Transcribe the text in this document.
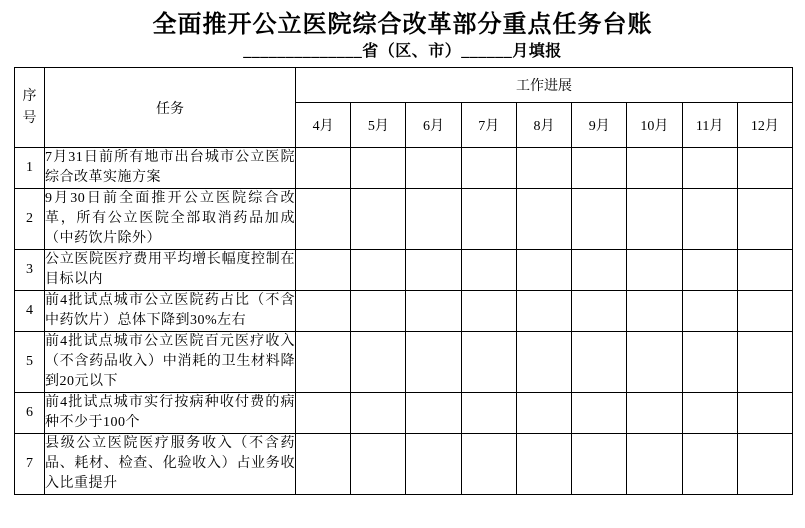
全面推开公立医院综合改革部分重点任务台账
______________省（区、市）______月填报
序号	任务	工作进展								
		4月	5月	6月	7月	8月	9月	10月	11月	12月
1	7月31日前所有地市出台城市公立医院综合改革实施方案									
2	9月30日前全面推开公立医院综合改革，所有公立医院全部取消药品加成（中药饮片除外）									
3	公立医院医疗费用平均增长幅度控制在目标以内									
4	前4批试点城市公立医院药占比（不含中药饮片）总体下降到30%左右									
5	前4批试点城市公立医院百元医疗收入（不含药品收入）中消耗的卫生材料降到20元以下									
6	前4批试点城市实行按病种收付费的病种不少于100个									
7	县级公立医院医疗服务收入（不含药品、耗材、检查、化验收入）占业务收入比重提升									
